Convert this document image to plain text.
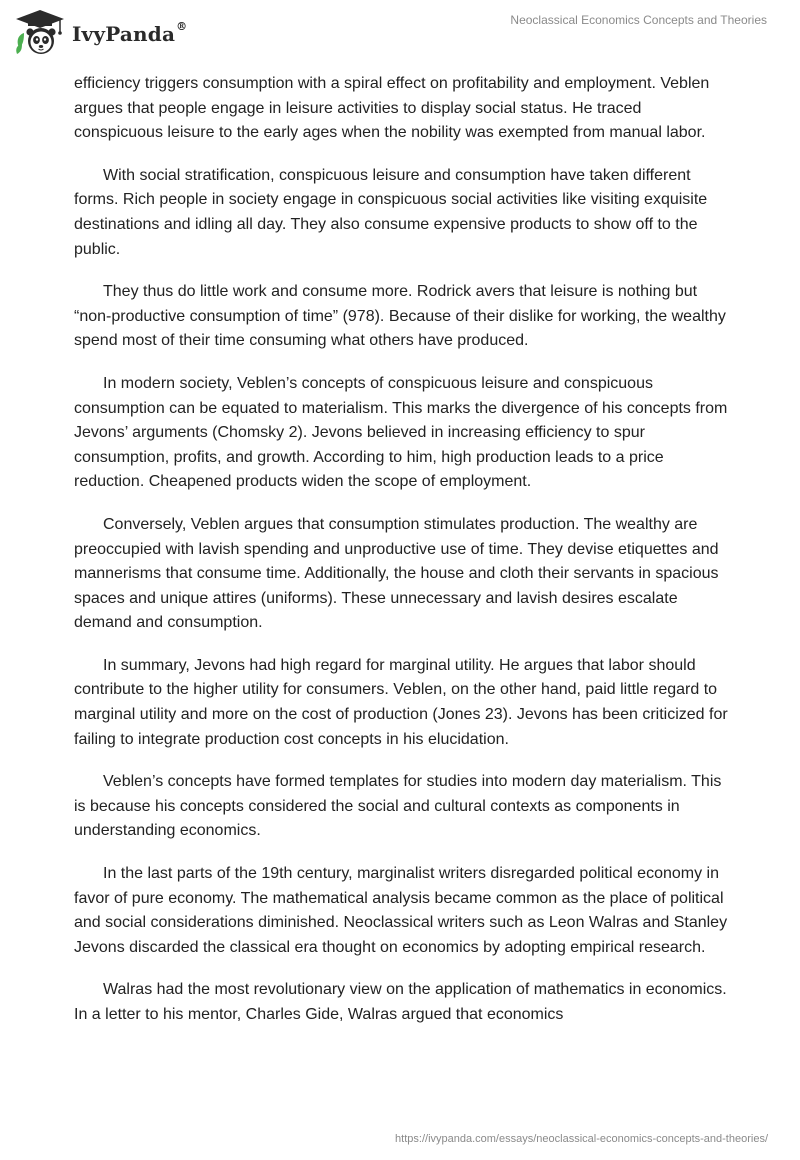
IvyPanda®	Neoclassical Economics Concepts and Theories

efficiency triggers consumption with a spiral effect on profitability and employment. Veblen argues that people engage in leisure activities to display social status. He traced conspicuous leisure to the early ages when the nobility was exempted from manual labor.

With social stratification, conspicuous leisure and consumption have taken different forms. Rich people in society engage in conspicuous social activities like visiting exquisite destinations and idling all day. They also consume expensive products to show off to the public.

They thus do little work and consume more. Rodrick avers that leisure is nothing but “non-productive consumption of time” (978). Because of their dislike for working, the wealthy spend most of their time consuming what others have produced.

In modern society, Veblen’s concepts of conspicuous leisure and conspicuous consumption can be equated to materialism. This marks the divergence of his concepts from Jevons’ arguments (Chomsky 2). Jevons believed in increasing efficiency to spur consumption, profits, and growth. According to him, high production leads to a price reduction. Cheapened products widen the scope of employment.

Conversely, Veblen argues that consumption stimulates production. The wealthy are preoccupied with lavish spending and unproductive use of time. They devise etiquettes and mannerisms that consume time. Additionally, the house and cloth their servants in spacious spaces and unique attires (uniforms). These unnecessary and lavish desires escalate demand and consumption.

In summary, Jevons had high regard for marginal utility. He argues that labor should contribute to the higher utility for consumers. Veblen, on the other hand, paid little regard to marginal utility and more on the cost of production (Jones 23). Jevons has been criticized for failing to integrate production cost concepts in his elucidation.

Veblen’s concepts have formed templates for studies into modern day materialism. This is because his concepts considered the social and cultural contexts as components in understanding economics.

In the last parts of the 19th century, marginalist writers disregarded political economy in favor of pure economy. The mathematical analysis became common as the place of political and social considerations diminished. Neoclassical writers such as Leon Walras and Stanley Jevons discarded the classical era thought on economics by adopting empirical research.

Walras had the most revolutionary view on the application of mathematics in economics. In a letter to his mentor, Charles Gide, Walras argued that economics

https://ivypanda.com/essays/neoclassical-economics-concepts-and-theories/
